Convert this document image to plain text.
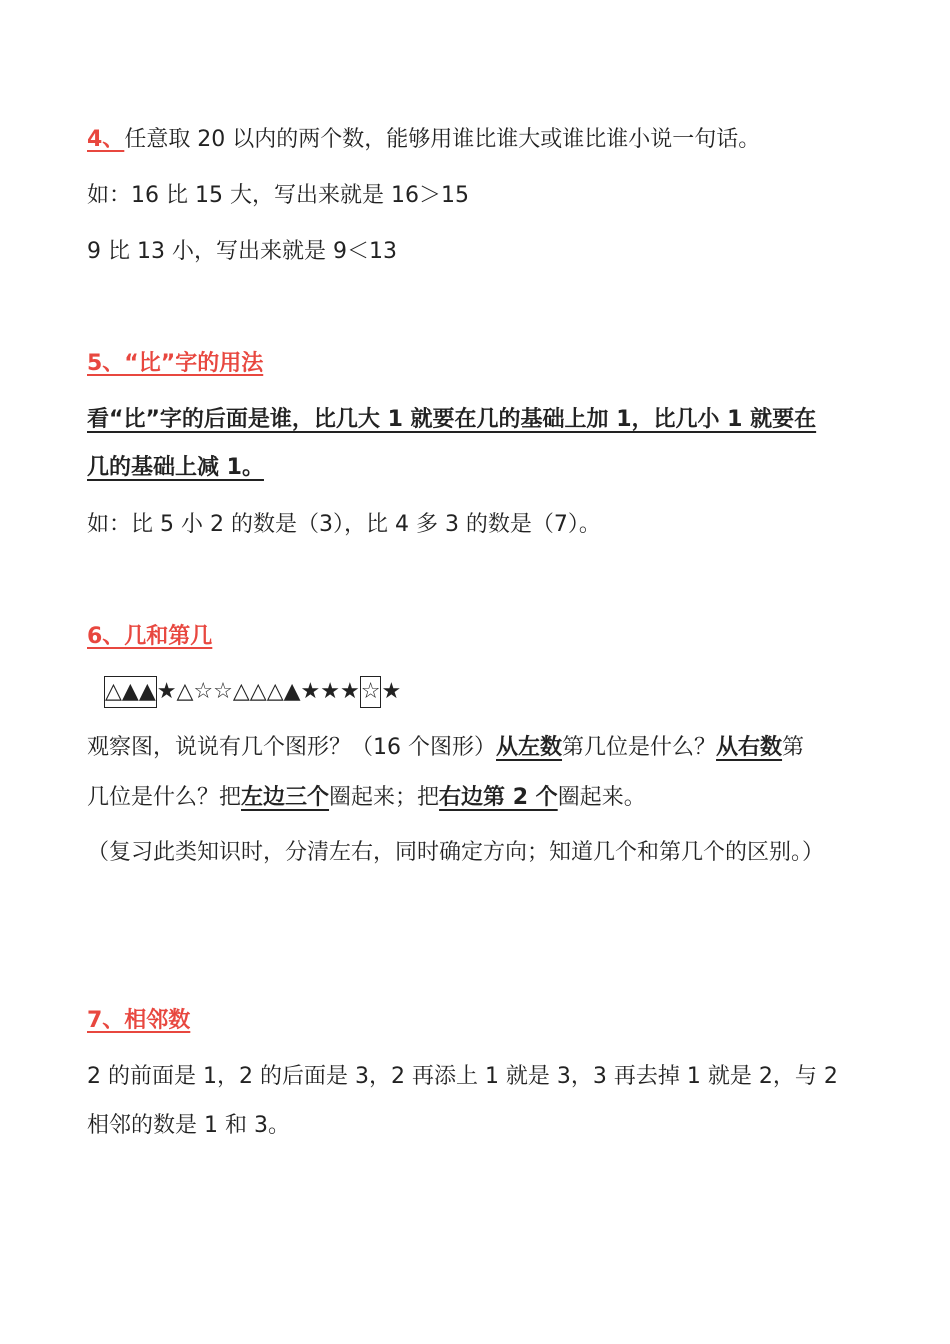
4、任意取 20 以内的两个数，能够用谁比谁大或谁比谁小说一句话。
如：16 比 15 大，写出来就是 16＞15
9 比 13 小，写出来就是 9＜13
5、“比”字的用法
看“比”字的后面是谁，比几大 1 就要在几的基础上加 1，比几小 1 就要在
几的基础上减 1。
如：比 5 小 2 的数是（3），比 4 多 3 的数是（7）。
6、几和第几
△▲▲★△☆☆△△△▲★★★☆★
观察图，说说有几个图形？（16 个图形）从左数第几位是什么？从右数第
几位是什么？把左边三个圈起来；把右边第 2 个圈起来。
（复习此类知识时，分清左右，同时确定方向；知道几个和第几个的区别。）
7、相邻数
2 的前面是 1，2 的后面是 3，2 再添上 1 就是 3，3 再去掉 1 就是 2，与 2
相邻的数是 1 和 3。
